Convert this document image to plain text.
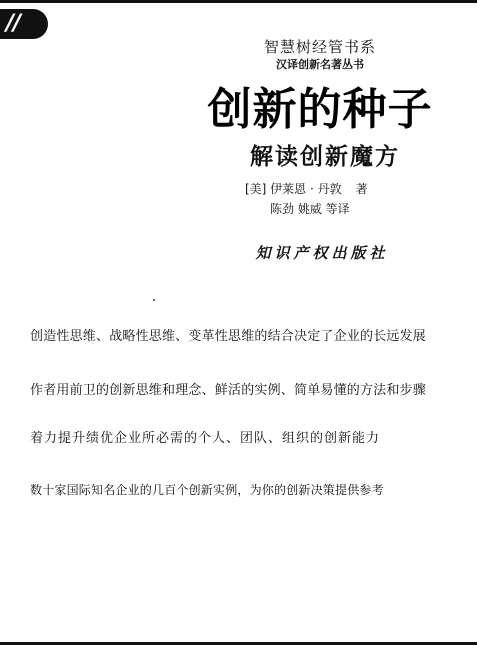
//
智慧树经管书系
汉译创新名著丛书
创新的种子
解读创新魔方
[美] 伊莱恩 · 丹敦 著
陈劲 姚威 等译
知识产权出版社
创造性思维、战略性思维、变革性思维的结合决定了企业的长远发展
作者用前卫的创新思维和理念、鲜活的实例、简单易懂的方法和步骤
着力提升绩优企业所必需的个人、团队、组织的创新能力
数十家国际知名企业的几百个创新实例，为你的创新决策提供参考
